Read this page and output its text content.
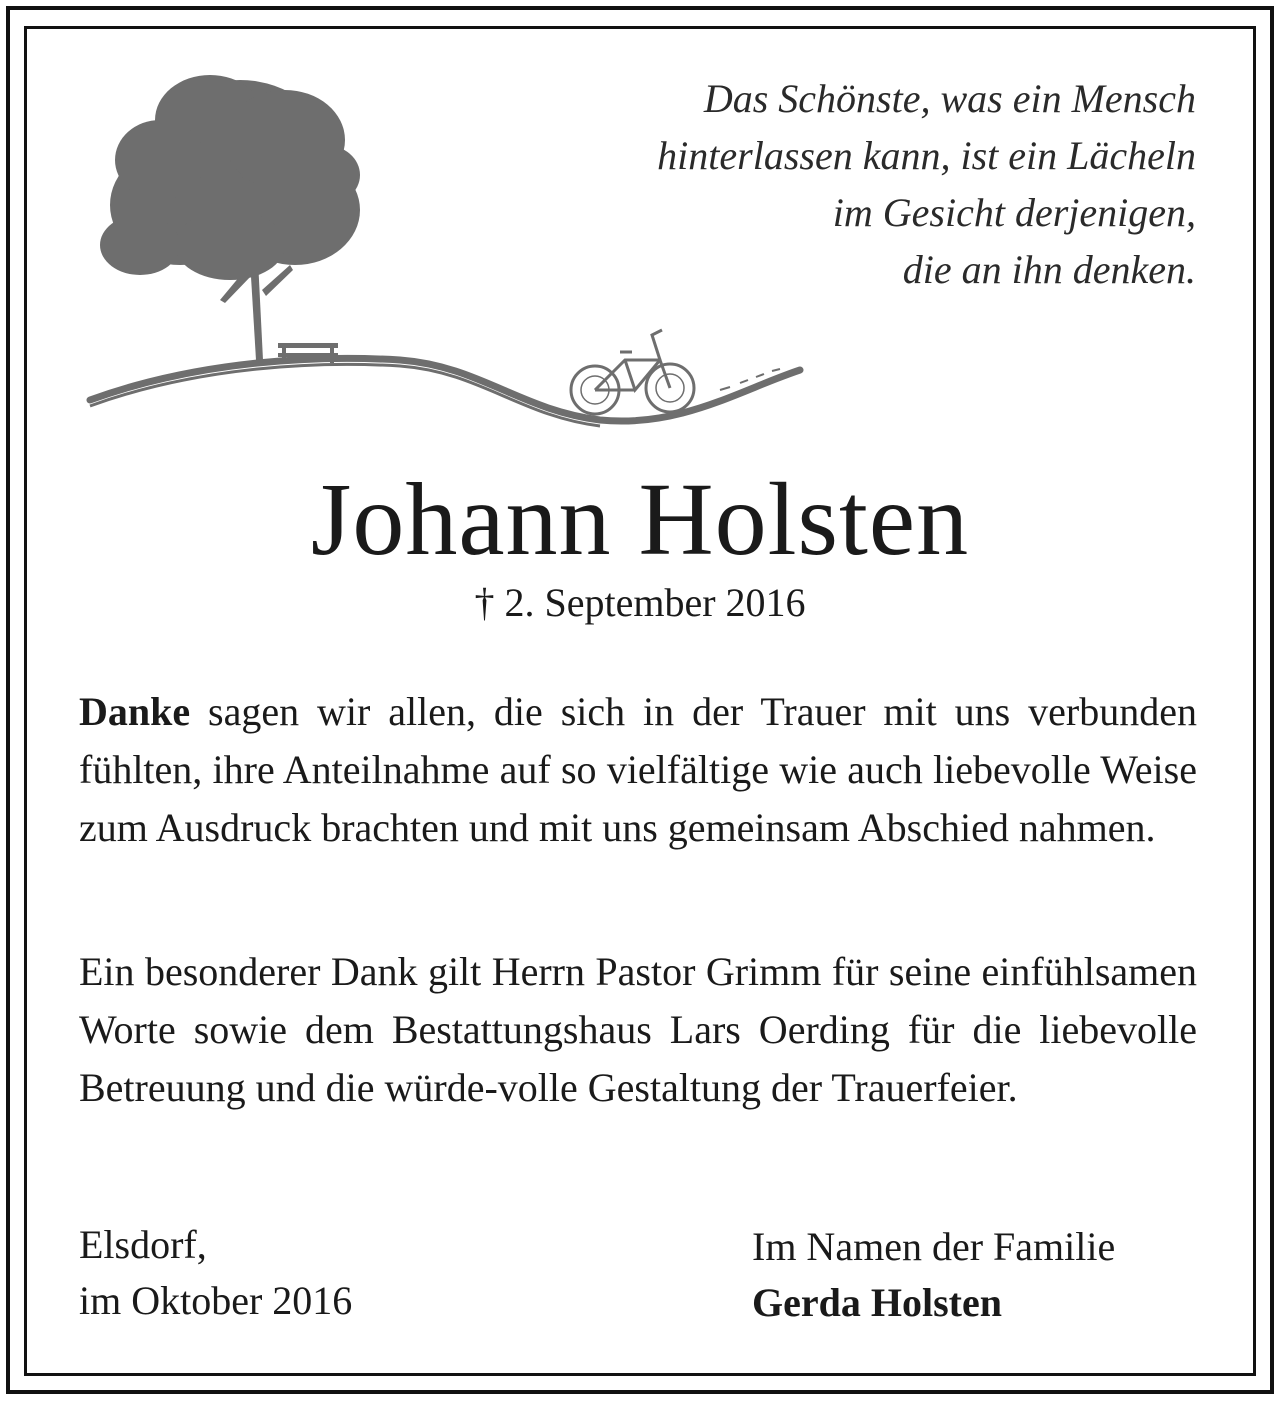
Das Schönste, was ein Mensch
hinterlassen kann, ist ein Lächeln
im Gesicht derjenigen,
die an ihn denken.
Johann Holsten
† 2. September 2016
Danke sagen wir allen, die sich in der Trauer mit uns verbunden fühlten, ihre Anteilnahme auf so vielfältige wie auch liebevolle Weise zum Ausdruck brachten und mit uns gemeinsam Abschied nahmen.
Ein besonderer Dank gilt Herrn Pastor Grimm für seine einfühlsamen Worte sowie dem Bestattungshaus Lars Oerding für die liebevolle Betreuung und die würde-volle Gestaltung der Trauerfeier.
Elsdorf,
im Oktober 2016
Im Namen der Familie
Gerda Holsten
